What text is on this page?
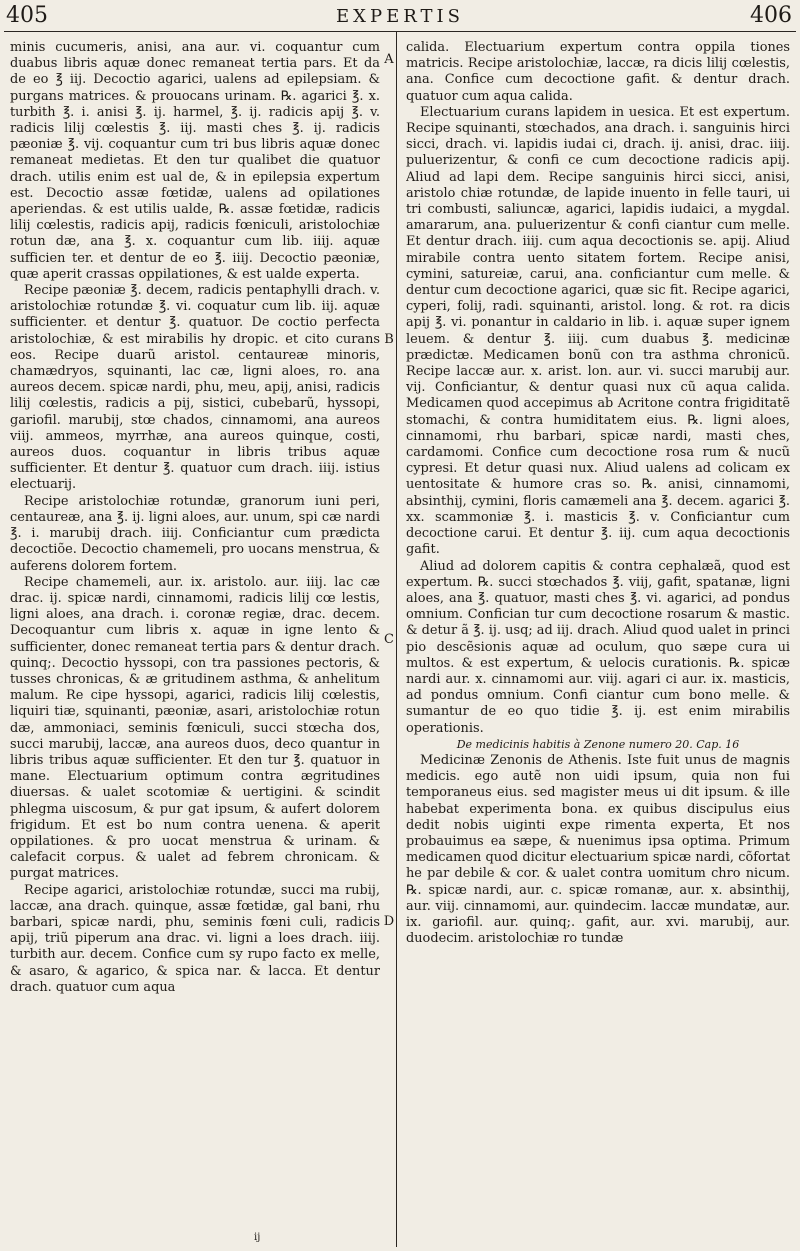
405	EXPERTIS	406

minis cucumeris, anisi, ana aur. vi. coquantur cum duabus libris aquæ donec remaneat tertia pars. Et da de eo ℥ iij. Decoctio agarici, ualens ad epilepsiam. & purgans matrices. & prouocans urinam. ℞. agarici ℥. x. turbith ℥. i. anisi ℥. ij. harmel, ℥. ij. radicis apij ℥. v. radicis lilij cœlestis ℥. iij. masti ches ℥. ij. radicis pæoniæ ℥. vij. coquantur cum tri bus libris aquæ donec remaneat medietas. Et den tur qualibet die quatuor drach. utilis enim est ual de, & in epilepsia expertum est. Decoctio assæ fœtidæ, ualens ad opilationes aperiendas. & est utilis ualde, ℞. assæ fœtidæ, radicis lilij cœlestis, radicis apij, radicis fœniculi, aristolochiæ rotun dæ, ana ℥. x. coquantur cum lib. iiij. aquæ sufficien ter. et dentur de eo ℥. iiij. Decoctio pæoniæ, quæ aperit crassas oppilationes, & est ualde experta.

Recipe pæoniæ ℥. decem, radicis pentaphylli drach. v. aristolochiæ rotundæ ℥. vi. coquatur cum lib. iij. aquæ sufficienter. et dentur ℥. quatuor. De coctio perfecta aristolochiæ, & est mirabilis hy dropic. et cito curans eos. Recipe duarũ aristol. centaureæ minoris, chamædryos, squinanti, lac cæ, ligni aloes, ro. ana aureos decem. spicæ nardi, phu, meu, apij, anisi, radicis lilij cœlestis, radicis a pij, sistici, cubebarũ, hyssopi, gariofil. marubij, stœ chados, cinnamomi, ana aureos viij. ammeos, myrrhæ, ana aureos quinque, costi, aureos duos. coquantur in libris tribus aquæ sufficienter. Et dentur ℥. quatuor cum drach. iiij. istius electuarij.

Recipe aristolochiæ rotundæ, granorum iuni peri, centaureæ, ana ℥. ij. ligni aloes, aur. unum, spi cæ nardi ℥. i. marubij drach. iiij. Conficiantur cum prædicta decoctiõe. Decoctio chamemeli, pro uocans menstrua, & auferens dolorem fortem.

Recipe chamemeli, aur. ix. aristolo. aur. iiij. lac cæ drac. ij. spicæ nardi, cinnamomi, radicis lilij cœ lestis, ligni aloes, ana drach. i. coronæ regiæ, drac. decem. Decoquantur cum libris x. aquæ in igne lento & sufficienter, donec remaneat tertia pars & dentur drach. quinq;. Decoctio hyssopi, con tra passiones pectoris, & tusses chronicas, & æ gritudinem asthma, & anhelitum malum. Re cipe hyssopi, agarici, radicis lilij cœlestis, liquiri tiæ, squinanti, pæoniæ, asari, aristolochiæ rotun dæ, ammoniaci, seminis fœniculi, succi stœcha dos, succi marubij, laccæ, ana aureos duos, deco quantur in libris tribus aquæ sufficienter. Et den tur ℥. quatuor in mane. Electuarium optimum contra ægritudines diuersas. & ualet scotomiæ & uertigini. & scindit phlegma uiscosum, & pur gat ipsum, & aufert dolorem frigidum. Et est bo num contra uenena. & aperit oppilationes. & pro uocat menstrua & urinam. & calefacit corpus. & ualet ad febrem chronicam. & purgat matrices.

Recipe agarici, aristolochiæ rotundæ, succi ma rubij, laccæ, ana drach. quinque, assæ fœtidæ, gal bani, rhu barbari, spicæ nardi, phu, seminis fœni culi, radicis apij, triũ piperum ana drac. vi. ligni a loes drach. iiij. turbith aur. decem. Confice cum sy rupo facto ex melle, & asaro, & agarico, & spica nar. & lacca. Et dentur drach. quatuor cum aqua

A
B
C
D

calida. Electuarium expertum contra oppila tiones matricis. Recipe aristolochiæ, laccæ, ra dicis lilij cœlestis, ana. Confice cum decoctione gafit. & dentur drach. quatuor cum aqua calida.

Electuarium curans lapidem in uesica. Et est expertum. Recipe squinanti, stœchados, ana drach. i. sanguinis hirci sicci, drach. vi. lapidis iudai ci, drach. ij. anisi, drac. iiij. puluerizentur, & confi ce cum decoctione radicis apij. Aliud ad lapi dem. Recipe sanguinis hirci sicci, anisi, aristolo chiæ rotundæ, de lapide inuento in felle tauri, ui tri combusti, saliuncæ, agarici, lapidis iudaici, a mygdal. amararum, ana. puluerizentur & confi ciantur cum melle. Et dentur drach. iiij. cum aqua decoctionis se. apij. Aliud mirabile contra uento sitatem fortem. Recipe anisi, cymini, satureiæ, carui, ana. conficiantur cum melle. & dentur cum decoctione agarici, quæ sic fit. Recipe agarici, cyperi, folij, radi. squinanti, aristol. long. & rot. ra dicis apij ℥. vi. ponantur in caldario in lib. i. aquæ super ignem leuem. & dentur ℥. iiij. cum duabus ℥. medicinæ prædictæ. Medicamen bonũ con tra asthma chronicũ. Recipe laccæ aur. x. arist. lon. aur. vi. succi marubij aur. vij. Conficiantur, & dentur quasi nux cũ aqua calida. Medicamen quod accepimus ab Acritone contra frigiditatẽ stomachi, & contra humiditatem eius. ℞. ligni aloes, cinnamomi, rhu barbari, spicæ nardi, masti ches, cardamomi. Confice cum decoctione rosa rum & nucũ cypresi. Et detur quasi nux. Aliud ualens ad colicam ex uentositate & humore cras so. ℞. anisi, cinnamomi, absinthij, cymini, floris camæmeli ana ℥. decem. agarici ℥. xx. scammoniæ ℥. i. masticis ℥. v. Conficiantur cum decoctione carui. Et dentur ℥. iij. cum aqua decoctionis gafit.

Aliud ad dolorem capitis & contra cephalæã, quod est expertum. ℞. succi stœchados ℥. viij, gafit, spatanæ, ligni aloes, ana ℥. quatuor, masti ches ℥. vi. agarici, ad pondus omnium. Confician tur cum decoctione rosarum & mastic. & detur ã ℥. ij. usq; ad iij. drach. Aliud quod ualet in princi pio descẽsionis aquæ ad oculum, quo sæpe cura ui multos. & est expertum, & uelocis curationis. ℞. spicæ nardi aur. x. cinnamomi aur. viij. agari ci aur. ix. masticis, ad pondus omnium. Confi ciantur cum bono melle. & sumantur de eo quo tidie ℥. ij. est enim mirabilis operationis.

De medicinis habitis à Zenone numero 20. Cap. 16

Medicinæ Zenonis de Athenis. Iste fuit unus de magnis medicis. ego autẽ non uidi ipsum, quia non fui temporaneus eius. sed magister meus ui dit ipsum. & ille habebat experimenta bona. ex quibus discipulus eius dedit nobis uiginti expe rimenta experta, Et nos probauimus ea sæpe, & nuenimus ipsa optima. Primum medicamen quod dicitur electuarium spicæ nardi, cõfortat he par debile & cor. & ualet contra uomitum chro nicum. ℞. spicæ nardi, aur. c. spicæ romanæ, aur. x. absinthij, aur. viij. cinnamomi, aur. quindecim. laccæ mundatæ, aur. ix. gariofil. aur. quinq;. gafit, aur. xvi. marubij, aur. duodecim. aristolochiæ ro tundæ

ij
